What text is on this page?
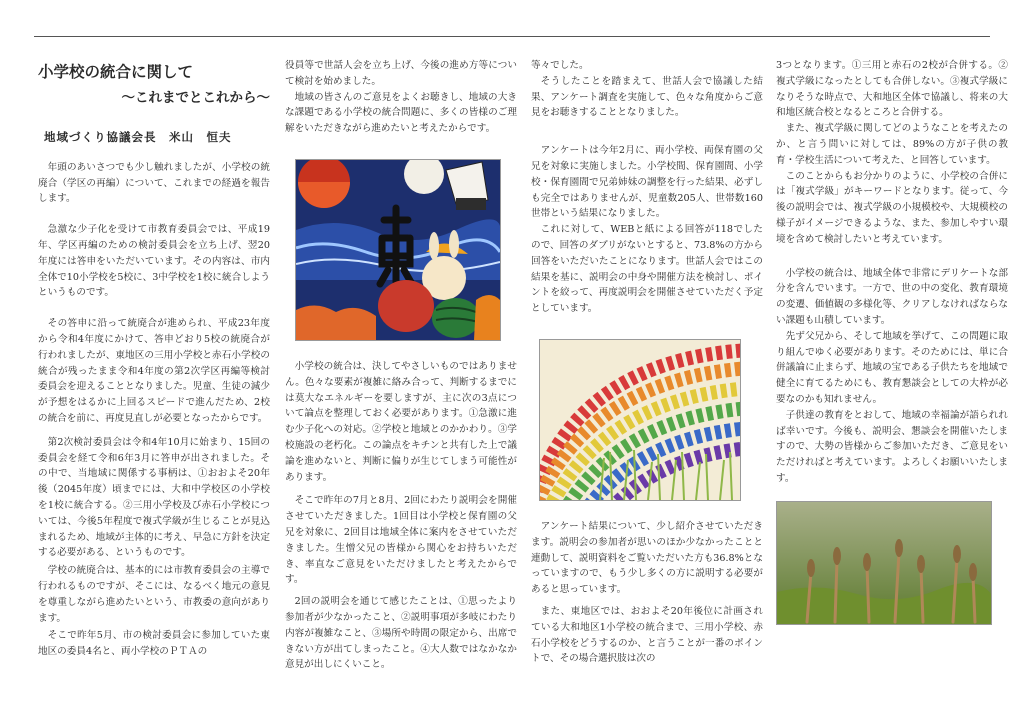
小学校の統合に関して
～これまでとこれから～
地域づくり協議会長　米山　恒夫

年頭のあいさつでも少し触れましたが、小学校の統廃合（学区の再編）について、これまでの経過を報告します。

急激な少子化を受けて市教育委員会では、平成19年、学区再編のための検討委員会を立ち上げ、翌20年度には答申をいただいています。その内容は、市内全体で10小学校を5校に、3中学校を1校に統合しようというものです。

その答申に沿って統廃合が進められ、平成23年度から令和4年度にかけて、答申どおり5校の統廃合が行われましたが、東地区の三用小学校と赤石小学校の統合が残ったまま令和4年度の第2次学区再編等検討委員会を迎えることとなりました。児童、生徒の減少が予想をはるかに上回るスピードで進んだため、2校の統合を前に、再度見直しが必要となったからです。

第2次検討委員会は令和4年10月に始まり、15回の委員会を経て令和6年3月に答申が出されました。その中で、当地域に関係する事柄は、①おおよそ20年後（2045年度）頃までには、大和中学校区の小学校を1校に統合する。②三用小学校及び赤石小学校については、今後5年程度で複式学級が生じることが見込まれるため、地域が主体的に考え、早急に方針を決定する必要がある、というものです。

学校の統廃合は、基本的には市教育委員会の主導で行われるものですが、そこには、なるべく地元の意見を尊重しながら進めたいという、市教委の意向があります。

そこで昨年5月、市の検討委員会に参加していた東地区の委員4名と、両小学校のＰＴＡの

役員等で世話人会を立ち上げ、今後の進め方等について検討を始めました。

地域の皆さんのご意見をよくお聴きし、地域の大きな課題である小学校の統合問題に、多くの皆様のご理解をいただきながら進めたいと考えたからです。

小学校の統合は、決してやさしいものではありません。色々な要素が複雑に絡み合って、判断するまでには莫大なエネルギーを要しますが、主に次の3点について論点を整理しておく必要があります。①急激に進む少子化への対応。②学校と地域とのかかわり。③学校施設の老朽化。この論点をキチンと共有した上で議論を進めないと、判断に偏りが生じてしまう可能性があります。

そこで昨年の7月と8月、2回にわたり説明会を開催させていただきました。1回目は小学校と保育園の父兄を対象に、2回目は地域全体に案内をさせていただきました。生憎父兄の皆様から関心をお持ちいただき、率直なご意見をいただけましたと考えたからです。

2回の説明会を通じて感じたことは、①思ったより参加者が少なかったこと、②説明事項が多岐にわたり内容が複雑なこと、③場所や時間の限定から、出席できない方が出てしまったこと。④大人数ではなかなか意見が出しにくいこと。

等々でした。

そうしたことを踏まえて、世話人会で協議した結果、アンケート調査を実施して、色々な角度からご意見をお聴きすることとなりました。

アンケートは今年2月に、両小学校、両保育園の父兄を対象に実施しました。小学校間、保育園間、小学校・保育園間で兄弟姉妹の調整を行った結果、必ずしも完全ではありませんが、児童数205人、世帯数160世帯という結果になりました。

これに対して、WEBと紙による回答が118でしたので、回答のダブリがないとすると、73.8%の方から回答をいただいたことになります。世話人会ではこの結果を基に、説明会の中身や開催方法を検討し、ポイントを絞って、再度説明会を開催させていただく予定としています。

アンケート結果について、少し紹介させていただきます。説明会の参加者が思いのほか少なかったことと連動して、説明資料をご覧いただいた方も36.8%となっていますので、もう少し多くの方に説明する必要があると思っています。

また、東地区では、おおよそ20年後位に計画されている大和地区1小学校の統合まで、三用小学校、赤石小学校をどうするのか、と言うことが一番のポイントで、その場合選択肢は次の

3つとなります。①三用と赤石の2校が合併する。②複式学級になったとしても合併しない。③複式学級になりそうな時点で、大和地区全体で協議し、将来の大和地区統合校となるところと合併する。

また、複式学級に関してどのようなことを考えたのか、と言う問いに対しては、89%の方が子供の教育・学校生活について考えた、と回答しています。

このことからもお分かりのように、小学校の合併には「複式学級」がキーワードとなります。従って、今後の説明会では、複式学級の小規模校や、大規模校の様子がイメージできるような、また、参加しやすい環境を含めて検討したいと考えています。

小学校の統合は、地域全体で非常にデリケートな部分を含んでいます。一方で、世の中の変化、教育環境の変遷、価値観の多様化等、クリアしなければならない課題も山積しています。

先ず父兄から、そして地域を挙げて、この問題に取り組んでゆく必要があります。そのためには、単に合併議論に止まらず、地域の宝である子供たちを地域で健全に育てるためにも、教育懇談会としての大枠が必要なのかも知れません。

子供達の教育をとおして、地域の幸福論が語られれば幸いです。今後も、説明会、懇談会を開催いたしますので、大勢の皆様からご参加いただき、ご意見をいただければと考えています。よろしくお願いいたします。
